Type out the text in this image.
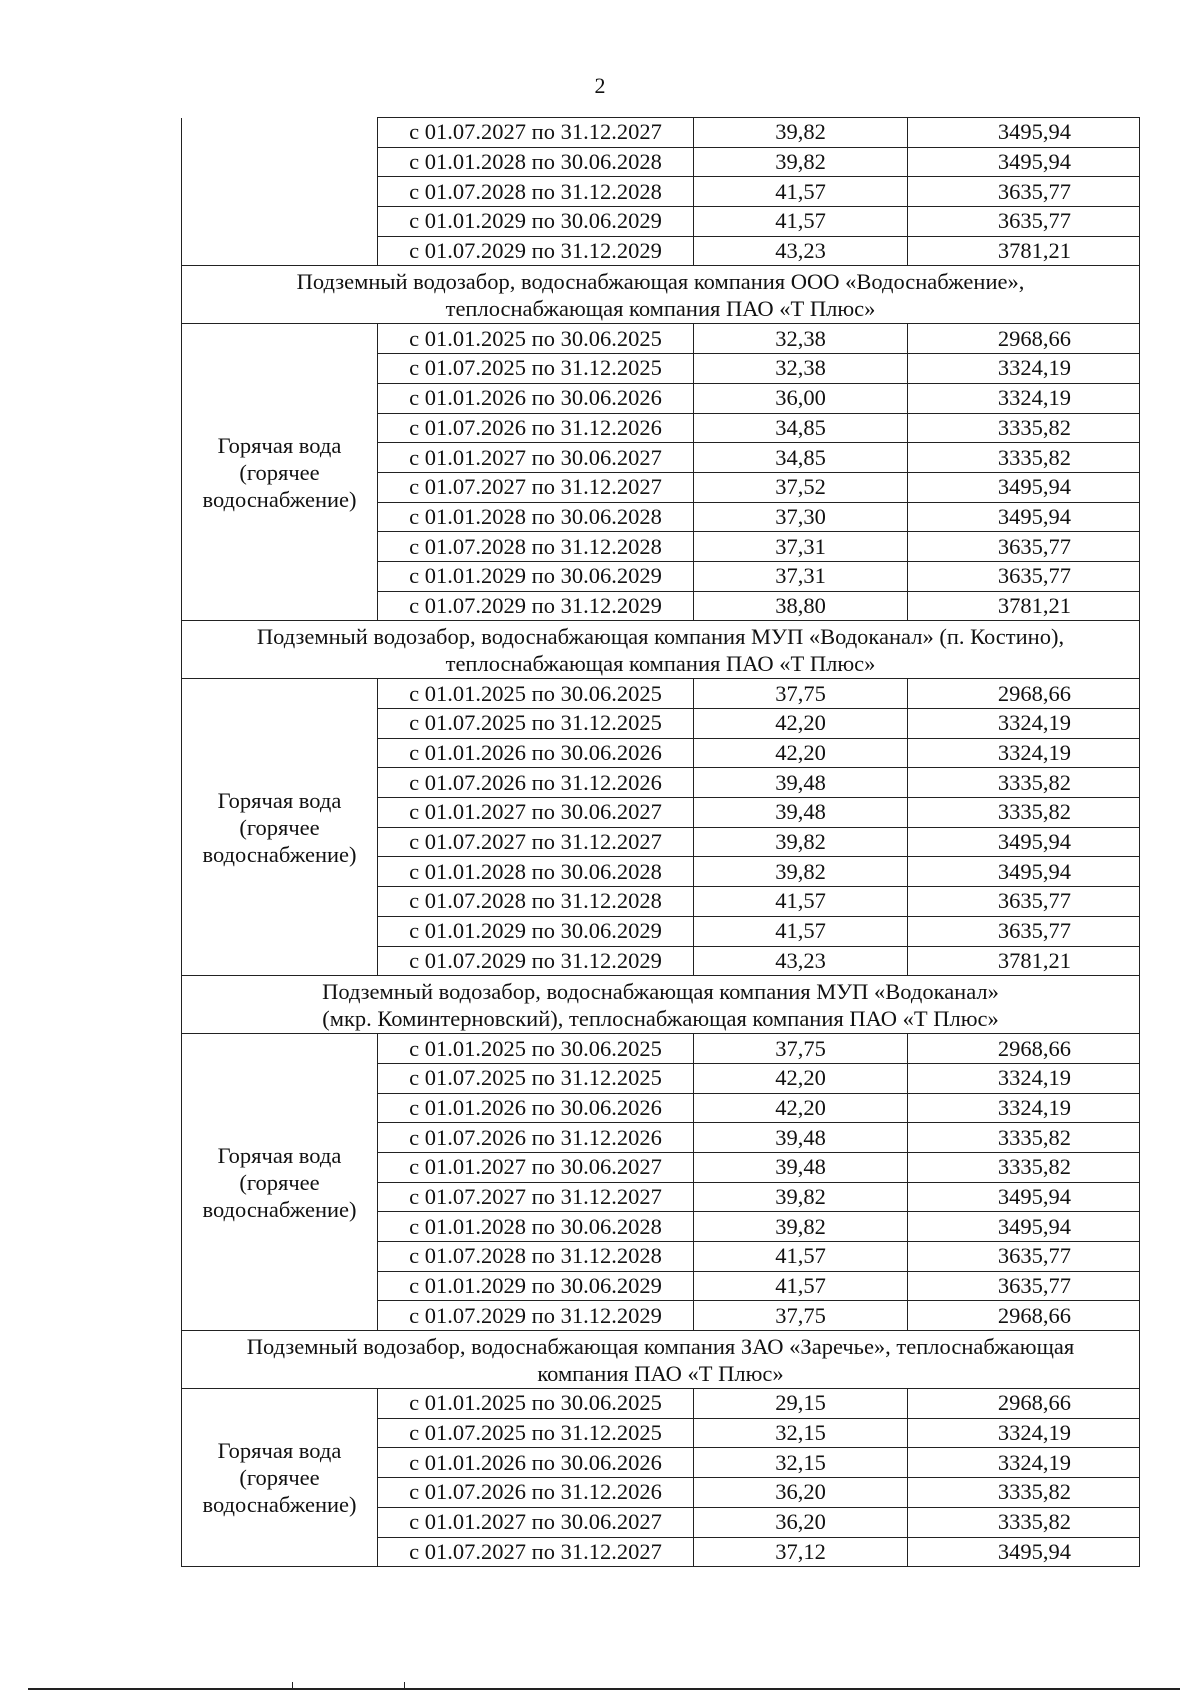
2
	с 01.07.2027 по 31.12.2027	39,82	3495,94
	с 01.01.2028 по 30.06.2028	39,82	3495,94
	с 01.07.2028 по 31.12.2028	41,57	3635,77
	с 01.01.2029 по 30.06.2029	41,57	3635,77
	с 01.07.2029 по 31.12.2029	43,23	3781,21

Подземный водозабор, водоснабжающая компания ООО «Водоснабжение»,
теплоснабжающая компания ПАО «Т Плюс»			

Горячая вода
(горячее
водоснабжение)	с 01.01.2025 по 30.06.2025	32,38	2968,66
	с 01.07.2025 по 31.12.2025	32,38	3324,19
	с 01.01.2026 по 30.06.2026	36,00	3324,19
	с 01.07.2026 по 31.12.2026	34,85	3335,82
	с 01.01.2027 по 30.06.2027	34,85	3335,82
	с 01.07.2027 по 31.12.2027	37,52	3495,94
	с 01.01.2028 по 30.06.2028	37,30	3495,94
	с 01.07.2028 по 31.12.2028	37,31	3635,77
	с 01.01.2029 по 30.06.2029	37,31	3635,77
	с 01.07.2029 по 31.12.2029	38,80	3781,21

Подземный водозабор, водоснабжающая компания МУП «Водоканал» (п. Костино),
теплоснабжающая компания ПАО «Т Плюс»			

Горячая вода
(горячее
водоснабжение)	с 01.01.2025 по 30.06.2025	37,75	2968,66
	с 01.07.2025 по 31.12.2025	42,20	3324,19
	с 01.01.2026 по 30.06.2026	42,20	3324,19
	с 01.07.2026 по 31.12.2026	39,48	3335,82
	с 01.01.2027 по 30.06.2027	39,48	3335,82
	с 01.07.2027 по 31.12.2027	39,82	3495,94
	с 01.01.2028 по 30.06.2028	39,82	3495,94
	с 01.07.2028 по 31.12.2028	41,57	3635,77
	с 01.01.2029 по 30.06.2029	41,57	3635,77
	с 01.07.2029 по 31.12.2029	43,23	3781,21

Подземный водозабор, водоснабжающая компания МУП «Водоканал»
(мкр. Коминтерновский), теплоснабжающая компания ПАО «Т Плюс»			

Горячая вода
(горячее
водоснабжение)	с 01.01.2025 по 30.06.2025	37,75	2968,66
	с 01.07.2025 по 31.12.2025	42,20	3324,19
	с 01.01.2026 по 30.06.2026	42,20	3324,19
	с 01.07.2026 по 31.12.2026	39,48	3335,82
	с 01.01.2027 по 30.06.2027	39,48	3335,82
	с 01.07.2027 по 31.12.2027	39,82	3495,94
	с 01.01.2028 по 30.06.2028	39,82	3495,94
	с 01.07.2028 по 31.12.2028	41,57	3635,77
	с 01.01.2029 по 30.06.2029	41,57	3635,77
	с 01.07.2029 по 31.12.2029	37,75	2968,66

Подземный водозабор, водоснабжающая компания ЗАО «Заречье», теплоснабжающая
компания ПАО «Т Плюс»			

Горячая вода
(горячее
водоснабжение)	с 01.01.2025 по 30.06.2025	29,15	2968,66
	с 01.07.2025 по 31.12.2025	32,15	3324,19
	с 01.01.2026 по 30.06.2026	32,15	3324,19
	с 01.07.2026 по 31.12.2026	36,20	3335,82
	с 01.01.2027 по 30.06.2027	36,20	3335,82
	с 01.07.2027 по 31.12.2027	37,12	3495,94
